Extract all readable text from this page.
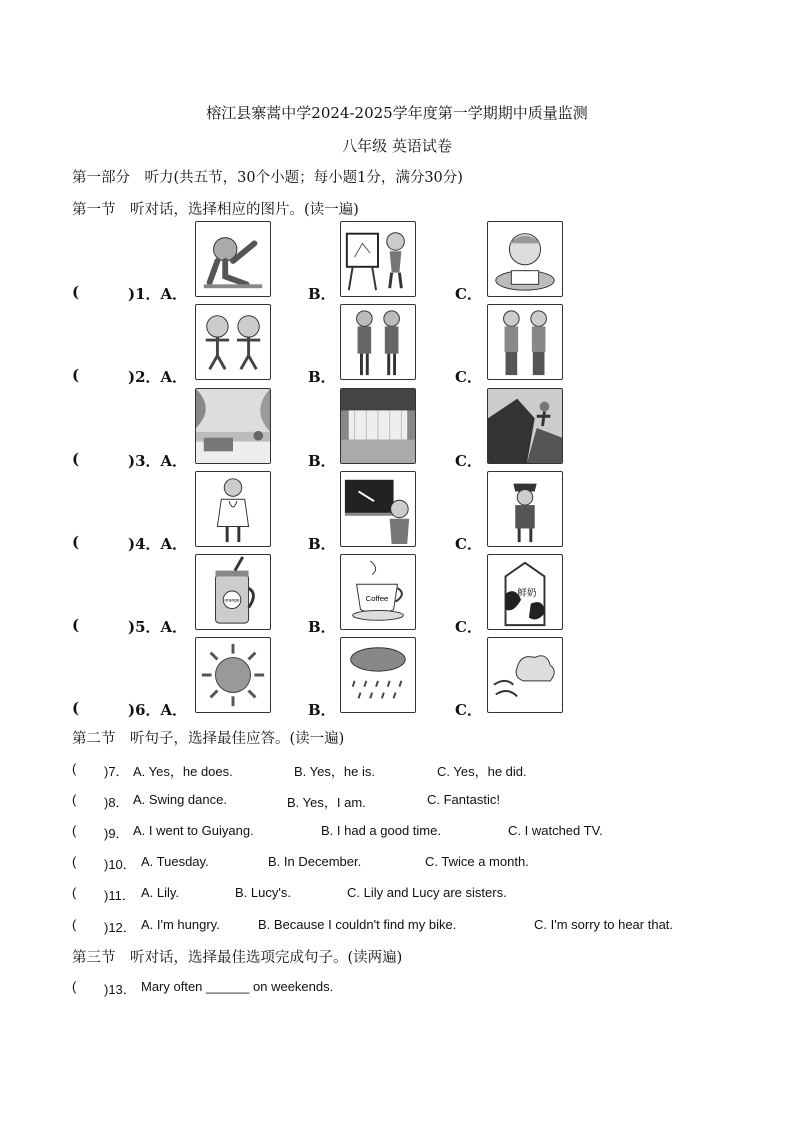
榕江县寨蒿中学2024-2025学年度第一学期期中质量监测
八年级 英语试卷
第一部分　听力(共五节，30个小题；每小题1分，满分30分)
第一节　听对话，选择相应的图片。(读一遍)
(	)1．A．	B．	C．
(	)2．A．	B．	C．
(	)3．A．	B．	C．
(	)4．A．	B．	C．
(	)5．A．	B．	C．
orange	Coffee	鲜奶
(	)6．A．	B．	C．
第二节　听句子，选择最佳应答。(读一遍)
( )7． A. Yes，he does.	B. Yes，he is.	C. Yes，he did.
( )8． A. Swing dance.	B. Yes，I am.	C. Fantastic!
( )9． A. I went to Guiyang.	B. I had a good time.	C. I watched TV.
( )10． A. Tuesday.	B. In December.	C. Twice a month.
( )11． A. Lily.	B. Lucy's.	C. Lily and Lucy are sisters.
( )12． A. I'm hungry.	B. Because I couldn't find my bike.	C. I'm sorry to hear that.
第三节　听对话，选择最佳选项完成句子。(读两遍)
( )13． Mary often ______ on weekends.
